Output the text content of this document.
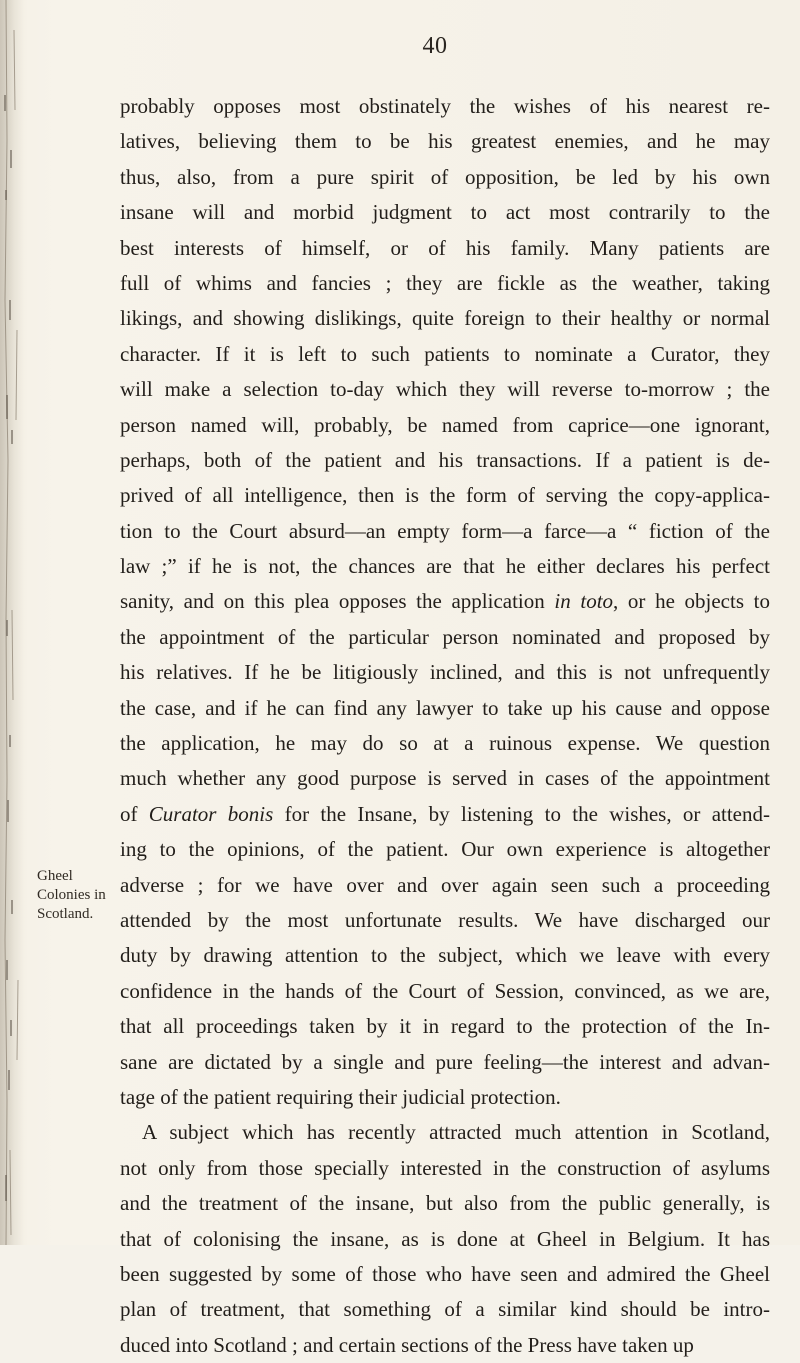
40
Gheel
Colonies in
Scotland.
probably opposes most obstinately the wishes of his nearest re-
latives, believing them to be his greatest enemies, and he may
thus, also, from a pure spirit of opposition, be led by his own
insane will and morbid judgment to act most contrarily to the
best interests of himself, or of his family. Many patients are
full of whims and fancies ; they are fickle as the weather, taking
likings, and showing dislikings, quite foreign to their healthy or normal
character. If it is left to such patients to nominate a Curator, they
will make a selection to-day which they will reverse to-morrow ; the
person named will, probably, be named from caprice—one ignorant,
perhaps, both of the patient and his transactions. If a patient is de-
prived of all intelligence, then is the form of serving the copy-applica-
tion to the Court absurd—an empty form—a farce—a “ fiction of the
law ;” if he is not, the chances are that he either declares his perfect
sanity, and on this plea opposes the application in toto, or he objects to
the appointment of the particular person nominated and proposed by
his relatives. If he be litigiously inclined, and this is not unfrequently
the case, and if he can find any lawyer to take up his cause and oppose
the application, he may do so at a ruinous expense. We question
much whether any good purpose is served in cases of the appointment
of Curator bonis for the Insane, by listening to the wishes, or attend-
ing to the opinions, of the patient. Our own experience is altogether
adverse ; for we have over and over again seen such a proceeding
attended by the most unfortunate results. We have discharged our
duty by drawing attention to the subject, which we leave with every
confidence in the hands of the Court of Session, convinced, as we are,
that all proceedings taken by it in regard to the protection of the In-
sane are dictated by a single and pure feeling—the interest and advan-
tage of the patient requiring their judicial protection.
A subject which has recently attracted much attention in Scotland,
not only from those specially interested in the construction of asylums
and the treatment of the insane, but also from the public generally, is
that of colonising the insane, as is done at Gheel in Belgium. It has
been suggested by some of those who have seen and admired the Gheel
plan of treatment, that something of a similar kind should be intro-
duced into Scotland ; and certain sections of the Press have taken up
